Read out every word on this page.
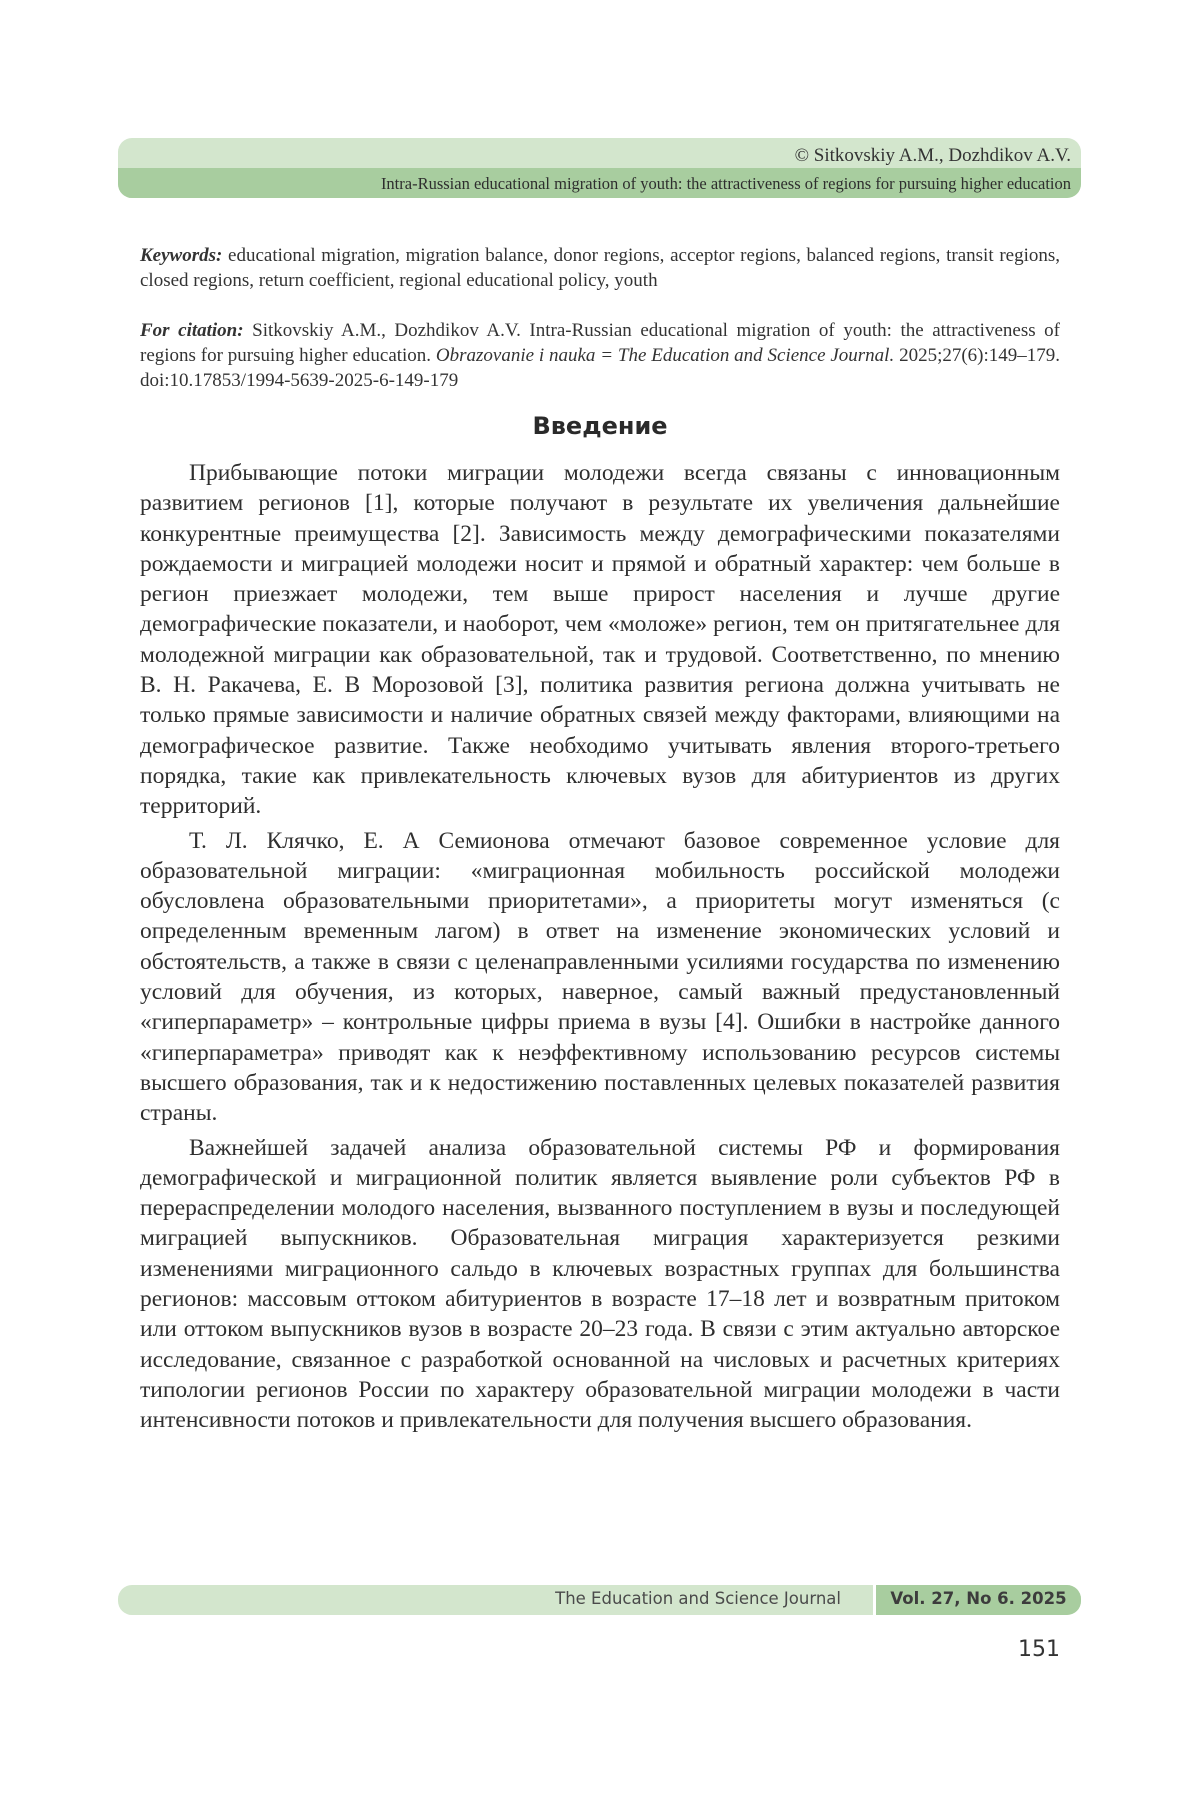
© Sitkovskiy A.M., Dozhdikov A.V.
Intra-Russian educational migration of youth: the attractiveness of regions for pursuing higher education
Keywords: educational migration, migration balance, donor regions, acceptor regions, balanced regions, transit regions, closed regions, return coefficient, regional educational policy, youth
For citation: Sitkovskiy A.M., Dozhdikov A.V. Intra-Russian educational migration of youth: the attractiveness of regions for pursuing higher education. Obrazovanie i nauka = The Education and Science Journal. 2025;27(6):149–179. doi:10.17853/1994-5639-2025-6-149-179
Введение

Прибывающие потоки миграции молодежи всегда связаны с инновационным развитием регионов [1], которые получают в результате их увеличения дальнейшие конкурентные преимущества [2]. Зависимость между демографическими показателями рождаемости и миграцией молодежи носит и прямой и обратный характер: чем больше в регион приезжает молодежи, тем выше прирост населения и лучше другие демографические показатели, и наоборот, чем «моложе» регион, тем он притягательнее для молодежной миграции как образовательной, так и трудовой. Соответственно, по мнению В. Н. Ракачева, Е. В Морозовой [3], политика развития региона должна учитывать не только прямые зависимости и наличие обратных связей между факторами, влияющими на демографическое развитие. Также необходимо учитывать явления второго-третьего порядка, такие как привлекательность ключевых вузов для абитуриентов из других территорий.

Т. Л. Клячко, Е. А Семионова отмечают базовое современное условие для образовательной миграции: «миграционная мобильность российской молодежи обусловлена образовательными приоритетами», а приоритеты могут изменяться (с определенным временным лагом) в ответ на изменение экономических условий и обстоятельств, а также в связи с целенаправленными усилиями государства по изменению условий для обучения, из которых, наверное, самый важный предустановленный «гиперпараметр» – контрольные цифры приема в вузы [4]. Ошибки в настройке данного «гиперпараметра» приводят как к неэффективному использованию ресурсов системы высшего образования, так и к недостижению поставленных целевых показателей развития страны.

Важнейшей задачей анализа образовательной системы РФ и формирования демографической и миграционной политик является выявление роли субъектов РФ в перераспределении молодого населения, вызванного поступлением в вузы и последующей миграцией выпускников. Образовательная миграция характеризуется резкими изменениями миграционного сальдо в ключевых возрастных группах для большинства регионов: массовым оттоком абитуриентов в возрасте 17–18 лет и возвратным притоком или оттоком выпускников вузов в возрасте 20–23 года. В связи с этим актуально авторское исследование, связанное с разработкой основанной на числовых и расчетных критериях типологии регионов России по характеру образовательной миграции молодежи в части интенсивности потоков и привлекательности для получения высшего образования.

The Education and Science Journal	Vol. 27, No 6. 2025
151
